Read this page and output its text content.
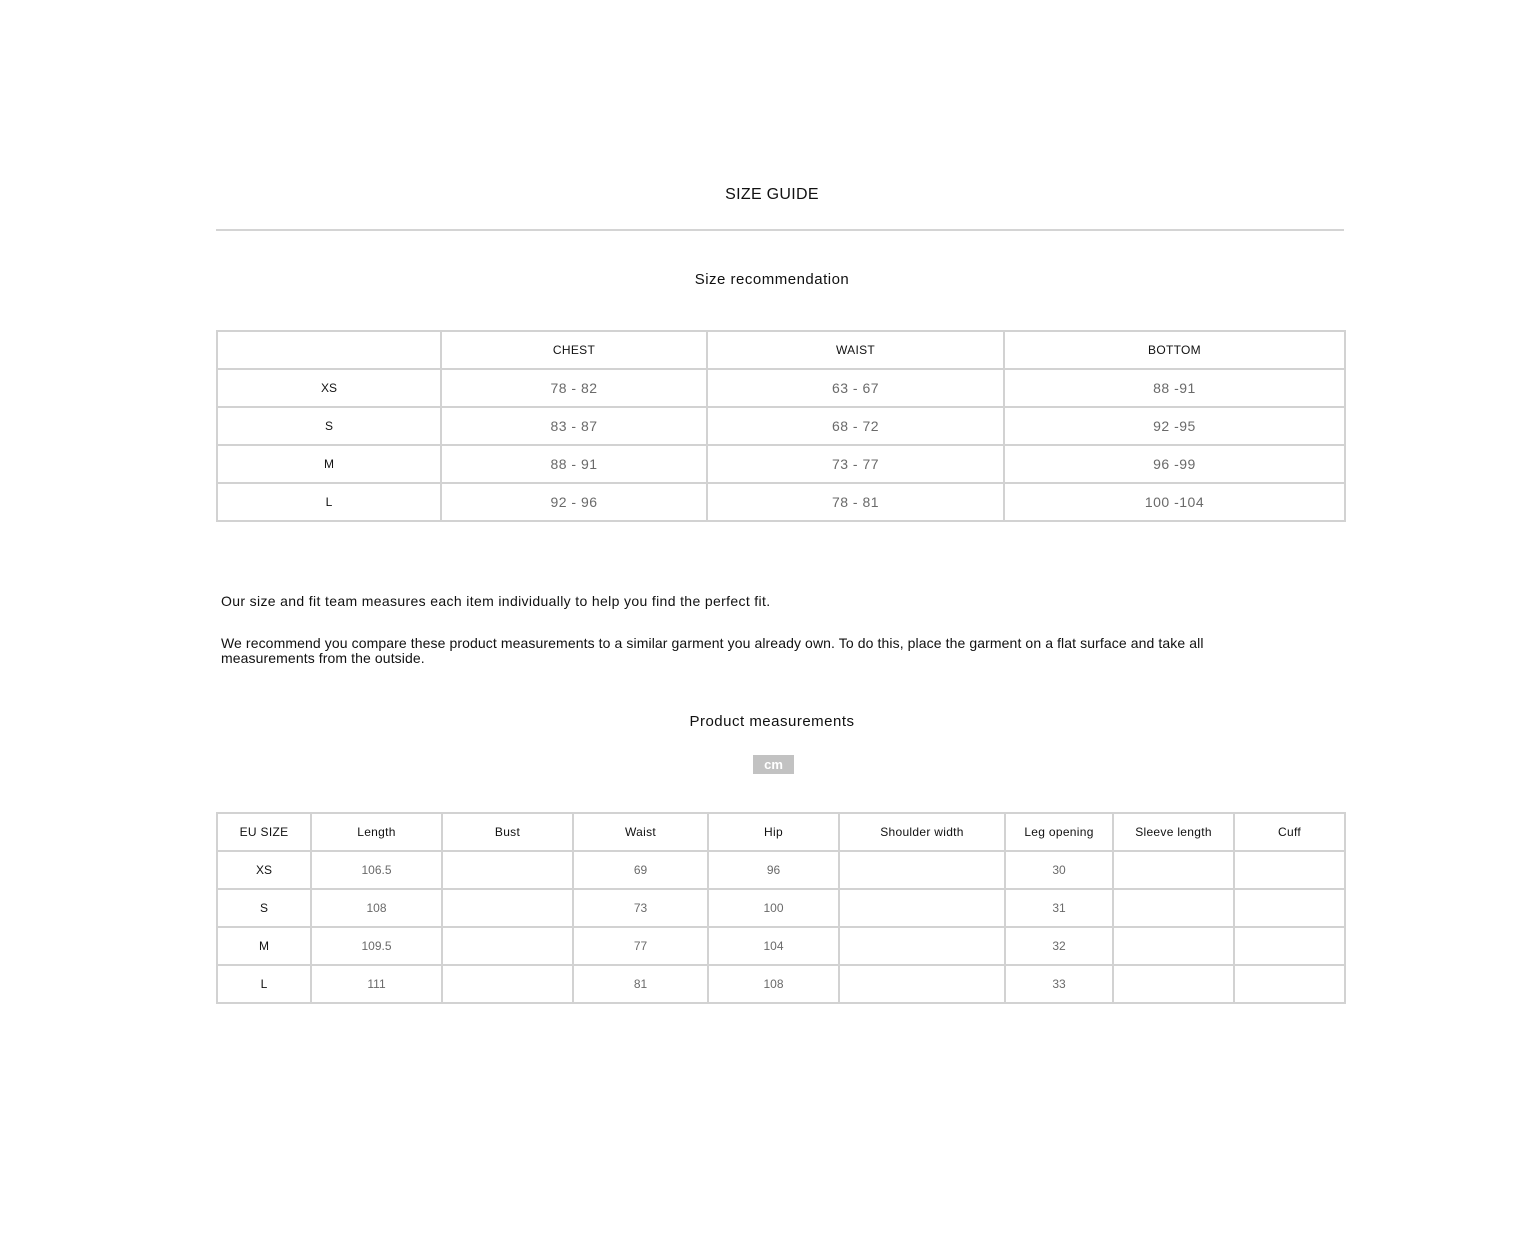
SIZE GUIDE
Size recommendation
	CHEST	WAIST	BOTTOM
XS	78 - 82	63 - 67	88 -91
S	83 - 87	68 - 72	92 -95
M	88 - 91	73 - 77	96 -99
L	92 - 96	78 - 81	100 -104
Our size and fit team measures each item individually to help you find the perfect fit.
We recommend you compare these product measurements to a similar garment you already own. To do this, place the garment on a flat surface and take all measurements from the outside.
Product measurements
cm
EU SIZE	Length	Bust	Waist	Hip	Shoulder width	Leg opening	Sleeve length	Cuff
XS	106.5		69	96		30		
S	108		73	100		31		
M	109.5		77	104		32		
L	111		81	108		33		
